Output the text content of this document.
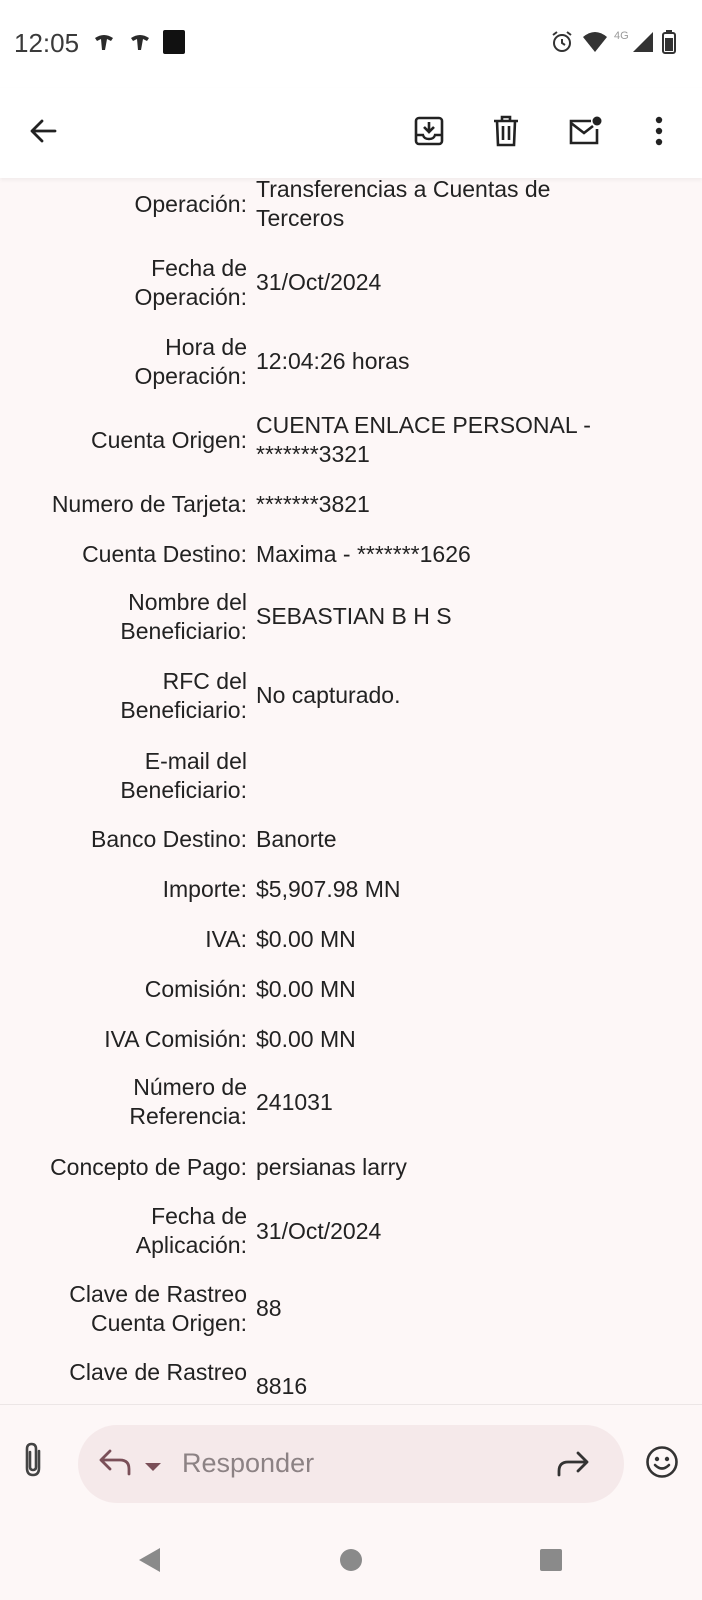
12:05	4G
Operación:
Transferencias a Cuentas de
Terceros
Fecha de
Operación:
31/Oct/2024
Hora de
Operación:
12:04:26 horas
Cuenta Origen:
CUENTA ENLACE PERSONAL -
*******3321
Numero de Tarjeta: *******3821
Cuenta Destino: Maxima - *******1626
Nombre del
Beneficiario:
SEBASTIAN B H S
RFC del
Beneficiario:
No capturado.
E-mail del
Beneficiario:
Banco Destino: Banorte
Importe: $5,907.98 MN
IVA: $0.00 MN
Comisión: $0.00 MN
IVA Comisión: $0.00 MN
Número de
Referencia:
241031
Concepto de Pago: persianas larry
Fecha de
Aplicación:
31/Oct/2024
Clave de Rastreo
Cuenta Origen:
88
Clave de Rastreo
8816
Responder
